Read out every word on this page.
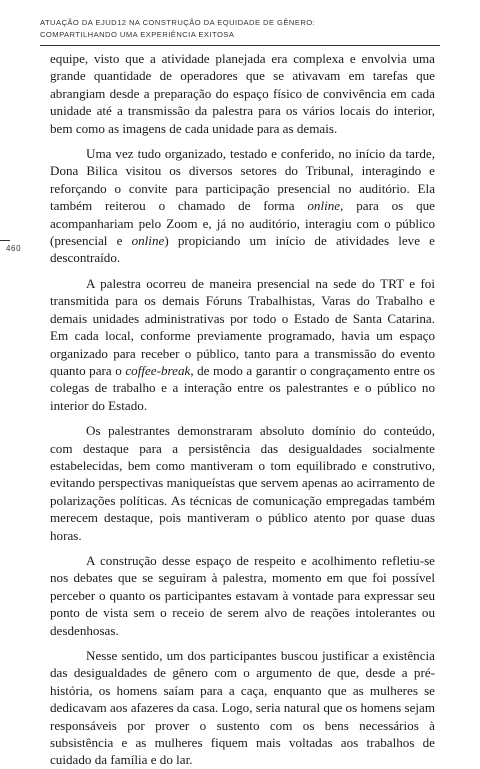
ATUAÇÃO DA EJUD12 NA CONSTRUÇÃO DA EQUIDADE DE GÊNERO:
COMPARTILHANDO UMA EXPERIÊNCIA EXITOSA
460

equipe, visto que a atividade planejada era complexa e envolvia uma grande quantidade de operadores que se ativavam em tarefas que abrangiam desde a preparação do espaço físico de convivência em cada unidade até a transmissão da palestra para os vários locais do interior, bem como as imagens de cada unidade para as demais.

Uma vez tudo organizado, testado e conferido, no início da tarde, Dona Bilica visitou os diversos setores do Tribunal, interagindo e reforçando o convite para participação presencial no auditório. Ela também reiterou o chamado de forma online, para os que acompanhariam pelo Zoom e, já no auditório, interagiu com o público (presencial e online) propiciando um início de atividades leve e descontraído.

A palestra ocorreu de maneira presencial na sede do TRT e foi transmitida para os demais Fóruns Trabalhistas, Varas do Trabalho e demais unidades administrativas por todo o Estado de Santa Catarina. Em cada local, conforme previamente programado, havia um espaço organizado para receber o público, tanto para a transmissão do evento quanto para o coffee-break, de modo a garantir o congraçamento entre os colegas de trabalho e a interação entre os palestrantes e o público no interior do Estado.

Os palestrantes demonstraram absoluto domínio do conteúdo, com destaque para a persistência das desigualdades socialmente estabelecidas, bem como mantiveram o tom equilibrado e construtivo, evitando perspectivas maniqueístas que servem apenas ao acirramento de polarizações políticas. As técnicas de comunicação empregadas também merecem destaque, pois mantiveram o público atento por quase duas horas.

A construção desse espaço de respeito e acolhimento refletiu-se nos debates que se seguiram à palestra, momento em que foi possível perceber o quanto os participantes estavam à vontade para expressar seu ponto de vista sem o receio de serem alvo de reações intolerantes ou desdenhosas.

Nesse sentido, um dos participantes buscou justificar a existência das desigualdades de gênero com o argumento de que, desde a pré-história, os homens saíam para a caça, enquanto que as mulheres se dedicavam aos afazeres da casa. Logo, seria natural que os homens sejam responsáveis por prover o sustento com os bens necessários à subsistência e as mulheres fiquem mais voltadas aos trabalhos de cuidado da família e do lar.
